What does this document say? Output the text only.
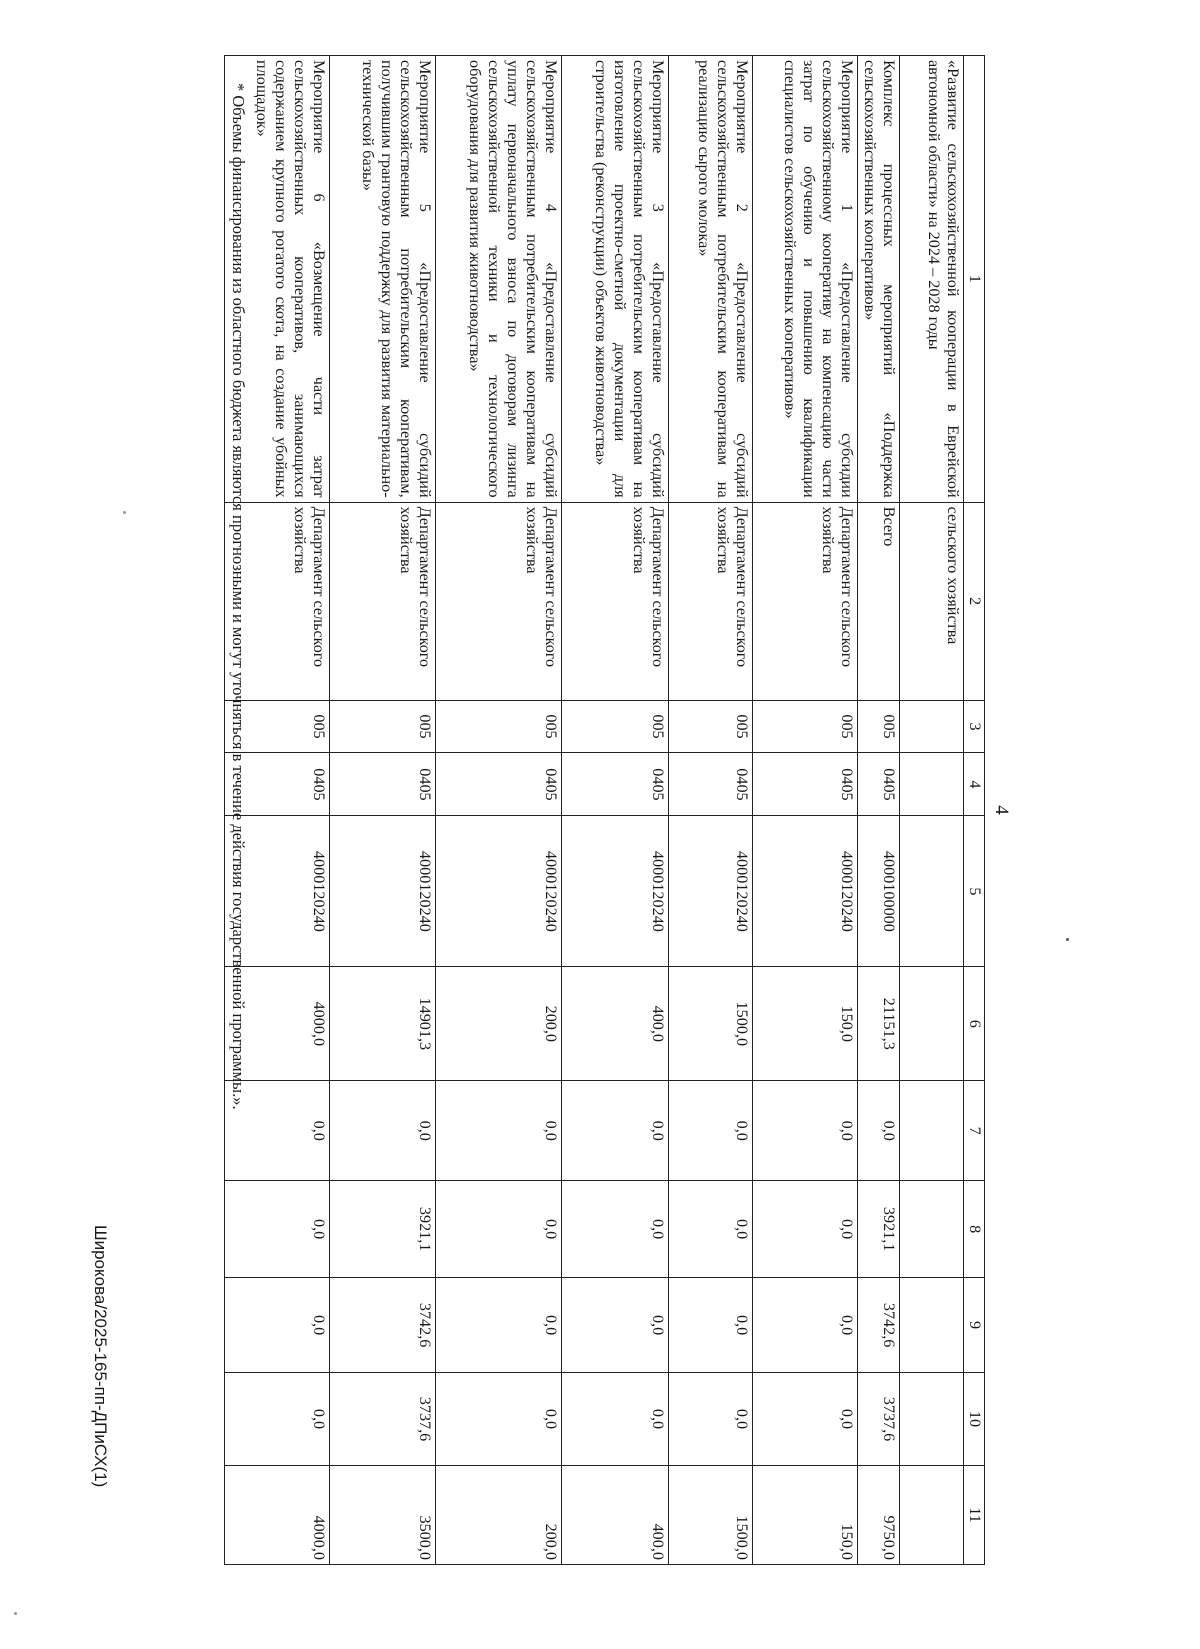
4
1	2	3	4	5	6	7	8	9	10	11
«Развитие сельскохозяйственной кооперации в Еврейской автономной области» на 2024 – 2028 годы	сельского хозяйства									
Комплекс процессных мероприятий «Поддержка сельскохозяйственных кооперативов»	Всего	005	0405	4000100000	21151,3	0,0	3921,1	3742,6	3737,6	9750,0
Мероприятие 1 «Предоставление субсидии сельскохозяйственному кооперативу на компенсацию части затрат по обучению и повышению квалификации специалистов сельскохозяйственных кооперативов»	Департамент сельского хозяйства	005	0405	4000120240	150,0	0,0	0,0	0,0	0,0	150,0
Мероприятие 2 «Предоставление субсидий сельскохозяйственным потребительским кооперативам на реализацию сырого молока»	Департамент сельского хозяйства	005	0405	4000120240	1500,0	0,0	0,0	0,0	0,0	1500,0
Мероприятие 3 «Предоставление субсидий сельскохозяйственным потребительским кооперативам на изготовление проектно-сметной документации для строительства (реконструкции) объектов животноводства»	Департамент сельского хозяйства	005	0405	4000120240	400,0	0,0	0,0	0,0	0,0	400,0
Мероприятие 4 «Предоставление субсидий сельскохозяйственным потребительским кооперативам на уплату первоначального взноса по договорам лизинга сельскохозяйственной техники и технологического оборудования для развития животноводства»	Департамент сельского хозяйства	005	0405	4000120240	200,0	0,0	0,0	0,0	0,0	200,0
Мероприятие 5 «Предоставление субсидий сельскохозяйственным потребительским кооперативам, получившим грантовую поддержку для развития материально-технической базы»	Департамент сельского хозяйства	005	0405	4000120240	14901,3	0,0	3921,1	3742,6	3737,6	3500,0
Мероприятие 6 «Возмещение части затрат сельскохозяйственных кооперативов, занимающихся содержанием крупного рогатого скота, на создание убойных площадок»	Департамент сельского хозяйства	005	0405	4000120240	4000,0	0,0	0,0	0,0	0,0	4000,0
* Объемы финансирования из областного бюджета являются прогнозными и могут уточняться в течение действия государственной программы.».
Широкова/2025-165-пп-ДПиСХ(1)
